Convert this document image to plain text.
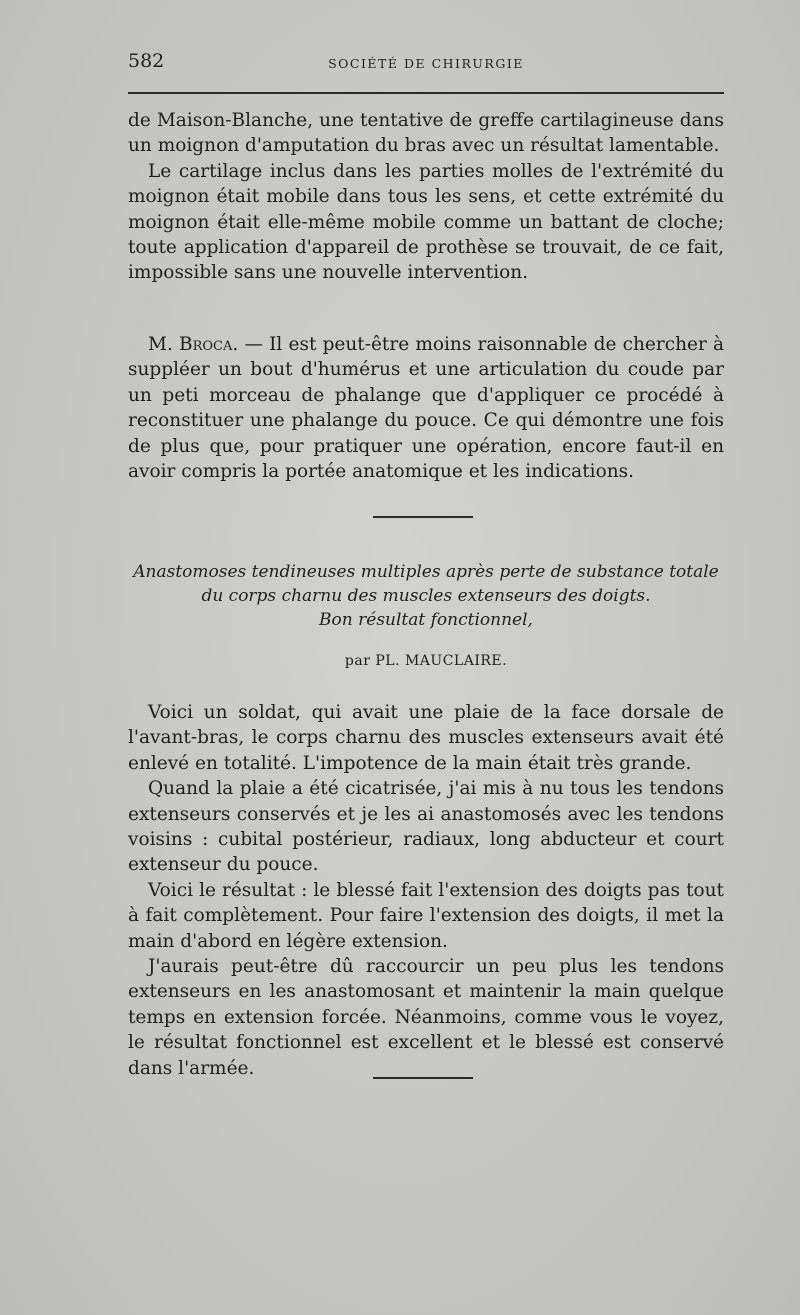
582	SOCIÉTÉ DE CHIRURGIE

de Maison-Blanche, une tentative de greffe cartilagineuse dans un moignon d'amputation du bras avec un résultat lamentable.

Le cartilage inclus dans les parties molles de l'extrémité du moignon était mobile dans tous les sens, et cette extrémité du moignon était elle-même mobile comme un battant de cloche; toute application d'appareil de prothèse se trouvait, de ce fait, impossible sans une nouvelle intervention.

M. Broca. — Il est peut-être moins raisonnable de chercher à suppléer un bout d'humérus et une articulation du coude par un peti morceau de phalange que d'appliquer ce procédé à reconstituer une phalange du pouce. Ce qui démontre une fois de plus que, pour pratiquer une opération, encore faut-il en avoir compris la portée anatomique et les indications.

Anastomoses tendineuses multiples après perte de substance totale
du corps charnu des muscles extenseurs des doigts.
Bon résultat fonctionnel,
par PL. MAUCLAIRE.

Voici un soldat, qui avait une plaie de la face dorsale de l'avant-bras, le corps charnu des muscles extenseurs avait été enlevé en totalité. L'impotence de la main était très grande.

Quand la plaie a été cicatrisée, j'ai mis à nu tous les tendons extenseurs conservés et je les ai anastomosés avec les tendons voisins : cubital postérieur, radiaux, long abducteur et court extenseur du pouce.

Voici le résultat : le blessé fait l'extension des doigts pas tout à fait complètement. Pour faire l'extension des doigts, il met la main d'abord en légère extension.

J'aurais peut-être dû raccourcir un peu plus les tendons extenseurs en les anastomosant et maintenir la main quelque temps en extension forcée. Néanmoins, comme vous le voyez, le résultat fonctionnel est excellent et le blessé est conservé dans l'armée.
